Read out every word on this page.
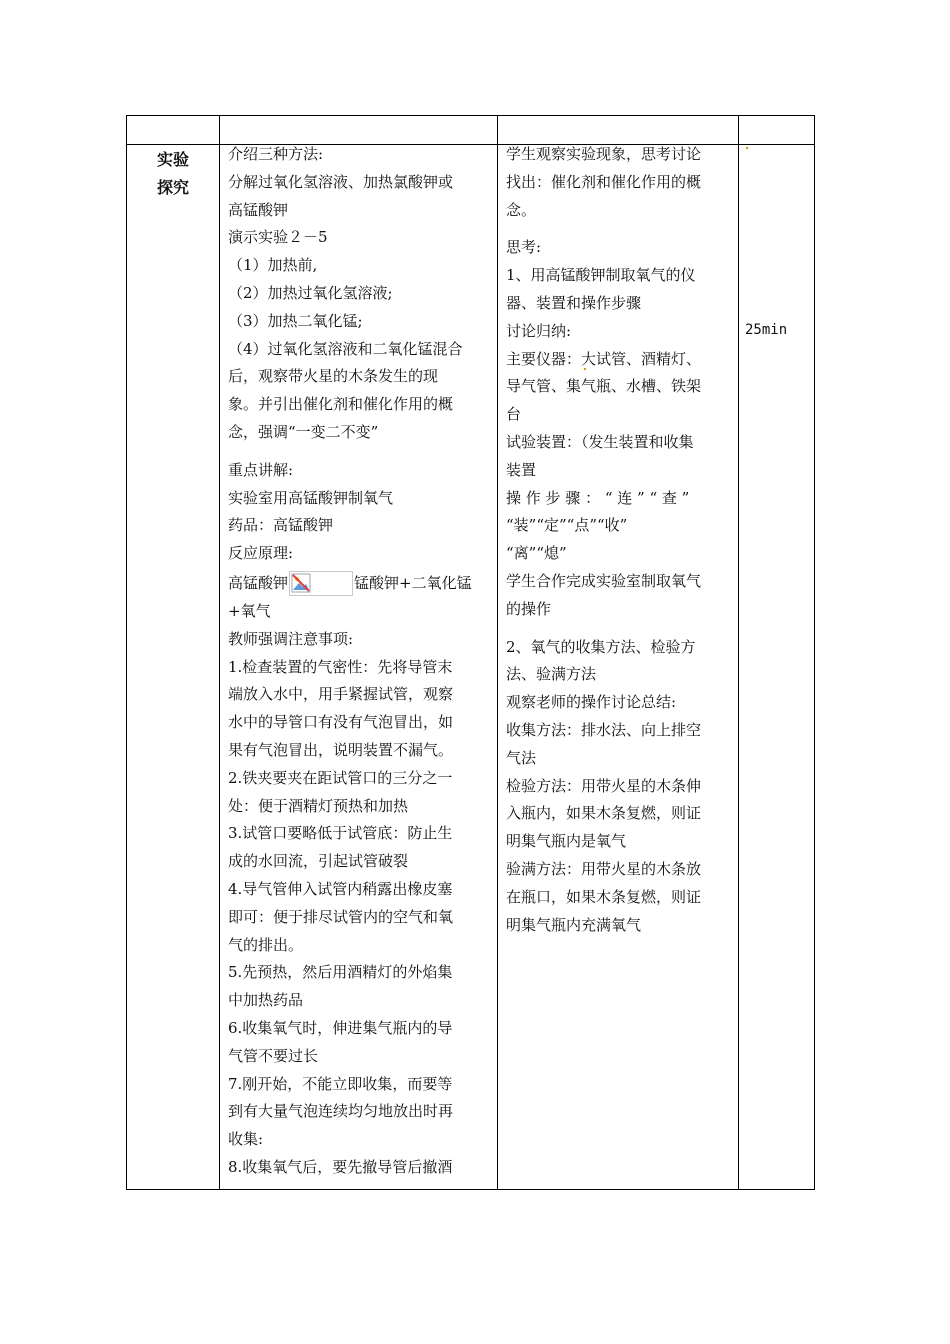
实验

探究

介绍三种方法:

分解过氧化氢溶液、加热氯酸钾或

高锰酸钾

演示实验２－5

（1）加热前,

（2）加热过氧化氢溶液;

（3）加热二氧化锰;

（4）过氧化氢溶液和二氧化锰混合

后，观察带火星的木条发生的现

象。并引出催化剂和催化作用的概

念，强调“一变二不变”

重点讲解:

实验室用高锰酸钾制氧气

药品：高锰酸钾

反应原理:

高锰酸钾	锰酸钾+二氧化锰

+氧气

教师强调注意事项:

1.检查装置的气密性：先将导管末

端放入水中，用手紧握试管，观察

水中的导管口有没有气泡冒出，如

果有气泡冒出，说明装置不漏气。

2.铁夹要夹在距试管口的三分之一

处：便于酒精灯预热和加热

3.试管口要略低于试管底：防止生

成的水回流，引起试管破裂

4.导气管伸入试管内稍露出橡皮塞

即可：便于排尽试管内的空气和氧

气的排出。

5.先预热，然后用酒精灯的外焰集

中加热药品

6.收集氧气时，伸进集气瓶内的导

气管不要过长

7.刚开始，不能立即收集，而要等

到有大量气泡连续均匀地放出时再

收集:

8.收集氧气后，要先撤导管后撤酒

学生观察实验现象，思考讨论

找出：催化剂和催化作用的概

念。

思考:

1、用高锰酸钾制取氧气的仪

器、装置和操作步骤

讨论归纳:

主要仪器：大试管、酒精灯、

导气管、集气瓶、水槽、铁架

台

试验装置：（发生装置和收集

装置

操 作 步 骤 ： “ 连 ” “ 查 ”

“装”“定”“点”“收”

“离”“熄”

学生合作完成实验室制取氧气

的操作

2、氧气的收集方法、检验方

法、验满方法

观察老师的操作讨论总结:

收集方法：排水法、向上排空

气法

检验方法：用带火星的木条伸

入瓶内，如果木条复燃，则证

明集气瓶内是氧气

验满方法：用带火星的木条放

在瓶口，如果木条复燃，则证

明集气瓶内充满氧气

25min
